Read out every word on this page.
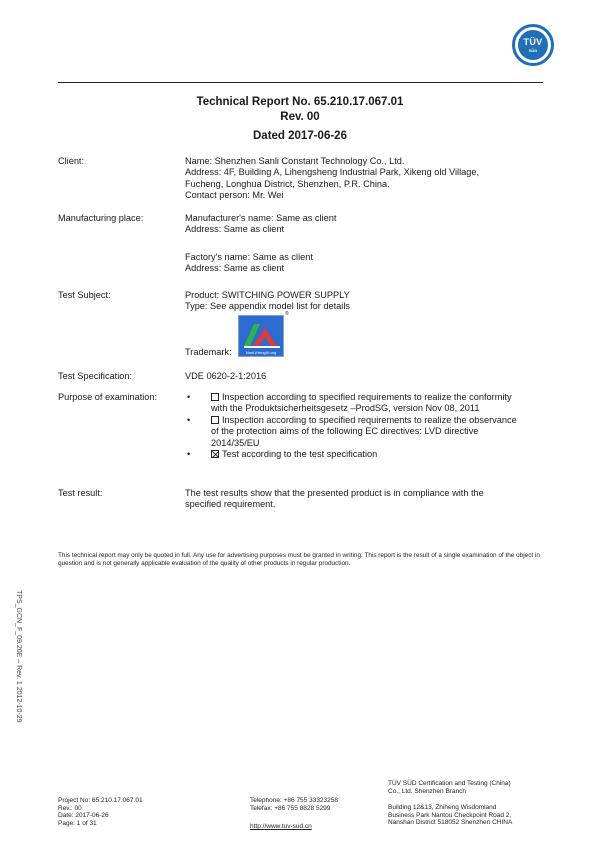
TÜV
SÜD
Technical Report No. 65.210.17.067.01
Rev. 00
Dated 2017-06-26
Client:	Name: Shenzhen Sanli Constant Technology Co., Ltd.
Address: 4F, Building A, Lihengsheng Industrial Park, Xikeng old Village,
Fucheng, Longhua District, Shenzhen, P.R. China.
Contact person: Mr. Wei
Manufacturing place:	Manufacturer's name: Same as client
Address: Same as client
Factory's name: Same as client
Address: Same as client
Test Subject:	Product: SWITCHING POWER SUPPLY
Type: See appendix model list for details
NanLiHengXi.org
®
Trademark:
Test Specification:	VDE 0620-2-1:2016
Purpose of examination:	•	Inspection according to specified requirements to realize the conformity
with the Produktsicherheitsgesetz –ProdSG, version Nov 08, 2011
•	Inspection according to specified requirements to realize the observance
of the protection aims of the following EC directives: LVD directive
2014/35/EU
•	Test according to the test specification
Test result:	The test results show that the presented product is in compliance with the
specified requirement.
This technical report may only be quoted in full. Any use for advertising purposes must be granted in writing. This report is the result of a single examination of the object in question and is not generally applicable evaluation of the quality of other products in regular production.
TPS_GCN_F_09.20E – Rev. 1 2012-10-29
Project No: 65.210.17.067.01
Rev.: 00
Date: 2017-06-26
Page: 1 of 31
Telephone: +86 755 33323258
Telefax: +86 755 8828 5299
http://www.tuv-sud.cn
TÜV SÜD Certification and Testing (China)
Co., Ltd. Shenzhen Branch
Building 12&13, Zhiheng Wisdomland
Business Park Nantou Checkpoint Road 2,
Nanshan District 518052 Shenzhen CHINA
